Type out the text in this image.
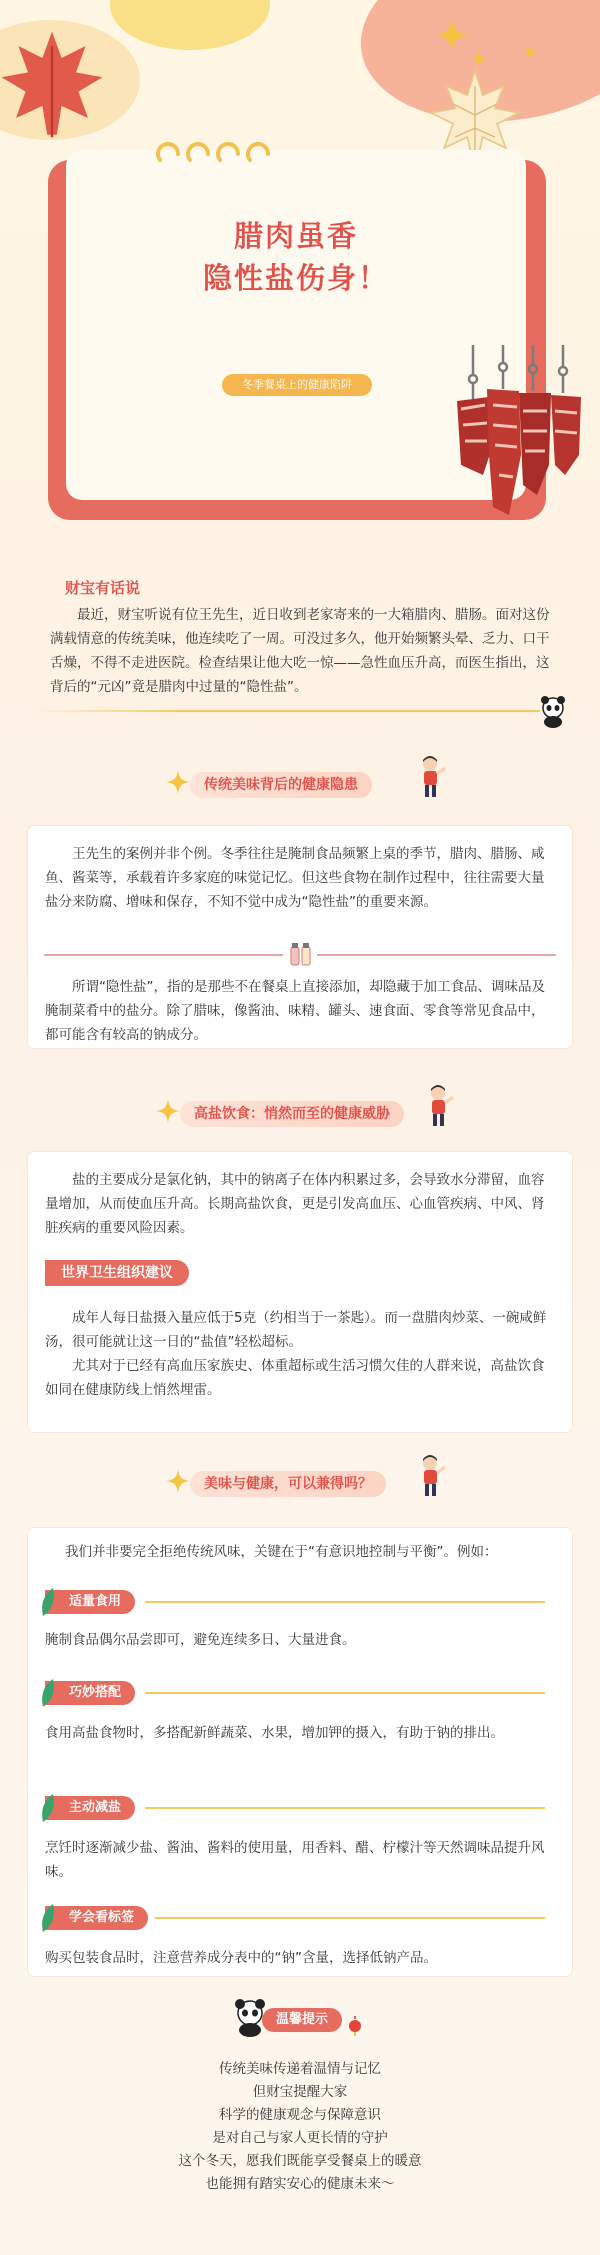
腊肉虽香
隐性盐伤身！
冬季餐桌上的健康陷阱
财宝有话说
最近，财宝听说有位王先生，近日收到老家寄来的一大箱腊肉、腊肠。面对这份满载情意的传统美味，他连续吃了一周。可没过多久，他开始频繁头晕、乏力、口干舌燥，不得不走进医院。检查结果让他大吃一惊——急性血压升高，而医生指出，这背后的“元凶”竟是腊肉中过量的“隐性盐”。
传统美味背后的健康隐患
王先生的案例并非个例。冬季往往是腌制食品频繁上桌的季节，腊肉、腊肠、咸鱼、酱菜等，承载着许多家庭的味觉记忆。但这些食物在制作过程中，往往需要大量盐分来防腐、增味和保存，不知不觉中成为“隐性盐”的重要来源。
所谓“隐性盐”，指的是那些不在餐桌上直接添加，却隐藏于加工食品、调味品及腌制菜肴中的盐分。除了腊味，像酱油、味精、罐头、速食面、零食等常见食品中，都可能含有较高的钠成分。
高盐饮食：悄然而至的健康威胁
盐的主要成分是氯化钠，其中的钠离子在体内积累过多，会导致水分滞留，血容量增加，从而使血压升高。长期高盐饮食，更是引发高血压、心血管疾病、中风、肾脏疾病的重要风险因素。
世界卫生组织建议
成年人每日盐摄入量应低于5克（约相当于一茶匙）。而一盘腊肉炒菜、一碗咸鲜汤，很可能就让这一日的“盐值”轻松超标。
尤其对于已经有高血压家族史、体重超标或生活习惯欠佳的人群来说，高盐饮食如同在健康防线上悄然埋雷。
美味与健康，可以兼得吗？
我们并非要完全拒绝传统风味，关键在于“有意识地控制与平衡”。例如：
适量食用
腌制食品偶尔品尝即可，避免连续多日、大量进食。
巧妙搭配
食用高盐食物时，多搭配新鲜蔬菜、水果，增加钾的摄入，有助于钠的排出。
主动减盐
烹饪时逐渐减少盐、酱油、酱料的使用量，用香料、醋、柠檬汁等天然调味品提升风味。
学会看标签
购买包装食品时，注意营养成分表中的“钠”含量，选择低钠产品。
温馨提示
传统美味传递着温情与记忆
但财宝提醒大家
科学的健康观念与保障意识
是对自己与家人更长情的守护
这个冬天，愿我们既能享受餐桌上的暖意
也能拥有踏实安心的健康未来～
